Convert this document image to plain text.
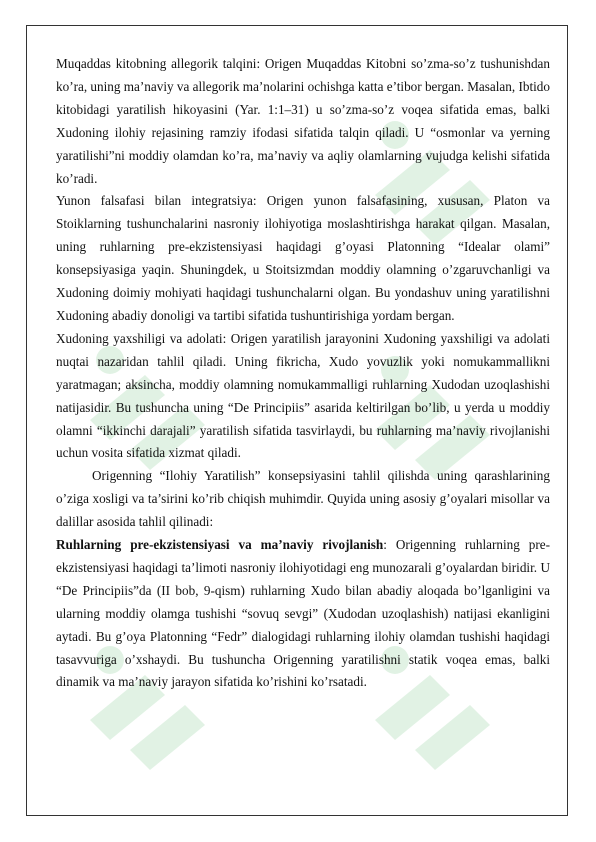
Muqaddas kitobning allegorik talqini: Origen Muqaddas Kitobni so’zma-so’z tushunishdan ko’ra, uning ma’naviy va allegorik ma’nolarini ochishga katta e’tibor bergan. Masalan, Ibtido kitobidagi yaratilish hikoyasini (Yar. 1:1–31) u so’zma-so’z voqea sifatida emas, balki Xudoning ilohiy rejasining ramziy ifodasi sifatida talqin qiladi. U “osmonlar va yerning yaratilishi”ni moddiy olamdan ko’ra, ma’naviy va aqliy olamlarning vujudga kelishi sifatida ko’radi.

Yunon falsafasi bilan integratsiya: Origen yunon falsafasining, xususan, Platon va Stoiklarning tushunchalarini nasroniy ilohiyotiga moslashtirishga harakat qilgan. Masalan, uning ruhlarning pre-ekzistensiyasi haqidagi g’oyasi Platonning “Idealar olami” konsepsiyasiga yaqin. Shuningdek, u Stoitsizmdan moddiy olamning o’zgaruvchanligi va Xudoning doimiy mohiyati haqidagi tushunchalarni olgan. Bu yondashuv uning yaratilishni Xudoning abadiy donoligi va tartibi sifatida tushuntirishiga yordam bergan.

Xudoning yaxshiligi va adolati: Origen yaratilish jarayonini Xudoning yaxshiligi va adolati nuqtai nazaridan tahlil qiladi. Uning fikricha, Xudo yovuzlik yoki nomukammallikni yaratmagan; aksincha, moddiy olamning nomukammalligi ruhlarning Xudodan uzoqlashishi natijasidir. Bu tushuncha uning “De Principiis” asarida keltirilgan bo’lib, u yerda u moddiy olamni “ikkinchi darajali” yaratilish sifatida tasvirlaydi, bu ruhlarning ma’naviy rivojlanishi uchun vosita sifatida xizmat qiladi.

Origenning “Ilohiy Yaratilish” konsepsiyasini tahlil qilishda uning qarashlarining o’ziga xosligi va ta’sirini ko’rib chiqish muhimdir. Quyida uning asosiy g’oyalari misollar va dalillar asosida tahlil qilinadi:

Ruhlarning pre-ekzistensiyasi va ma’naviy rivojlanish: Origenning ruhlarning pre-ekzistensiyasi haqidagi ta’limoti nasroniy ilohiyotidagi eng munozarali g’oyalardan biridir. U “De Principiis”da (II bob, 9-qism) ruhlarning Xudo bilan abadiy aloqada bo’lganligini va ularning moddiy olamga tushishi “sovuq sevgi” (Xudodan uzoqlashish) natijasi ekanligini aytadi. Bu g’oya Platonning “Fedr” dialogidagi ruhlarning ilohiy olamdan tushishi haqidagi tasavvuriga o’xshaydi. Bu tushuncha Origenning yaratilishni statik voqea emas, balki dinamik va ma’naviy jarayon sifatida ko’rishini ko’rsatadi.
